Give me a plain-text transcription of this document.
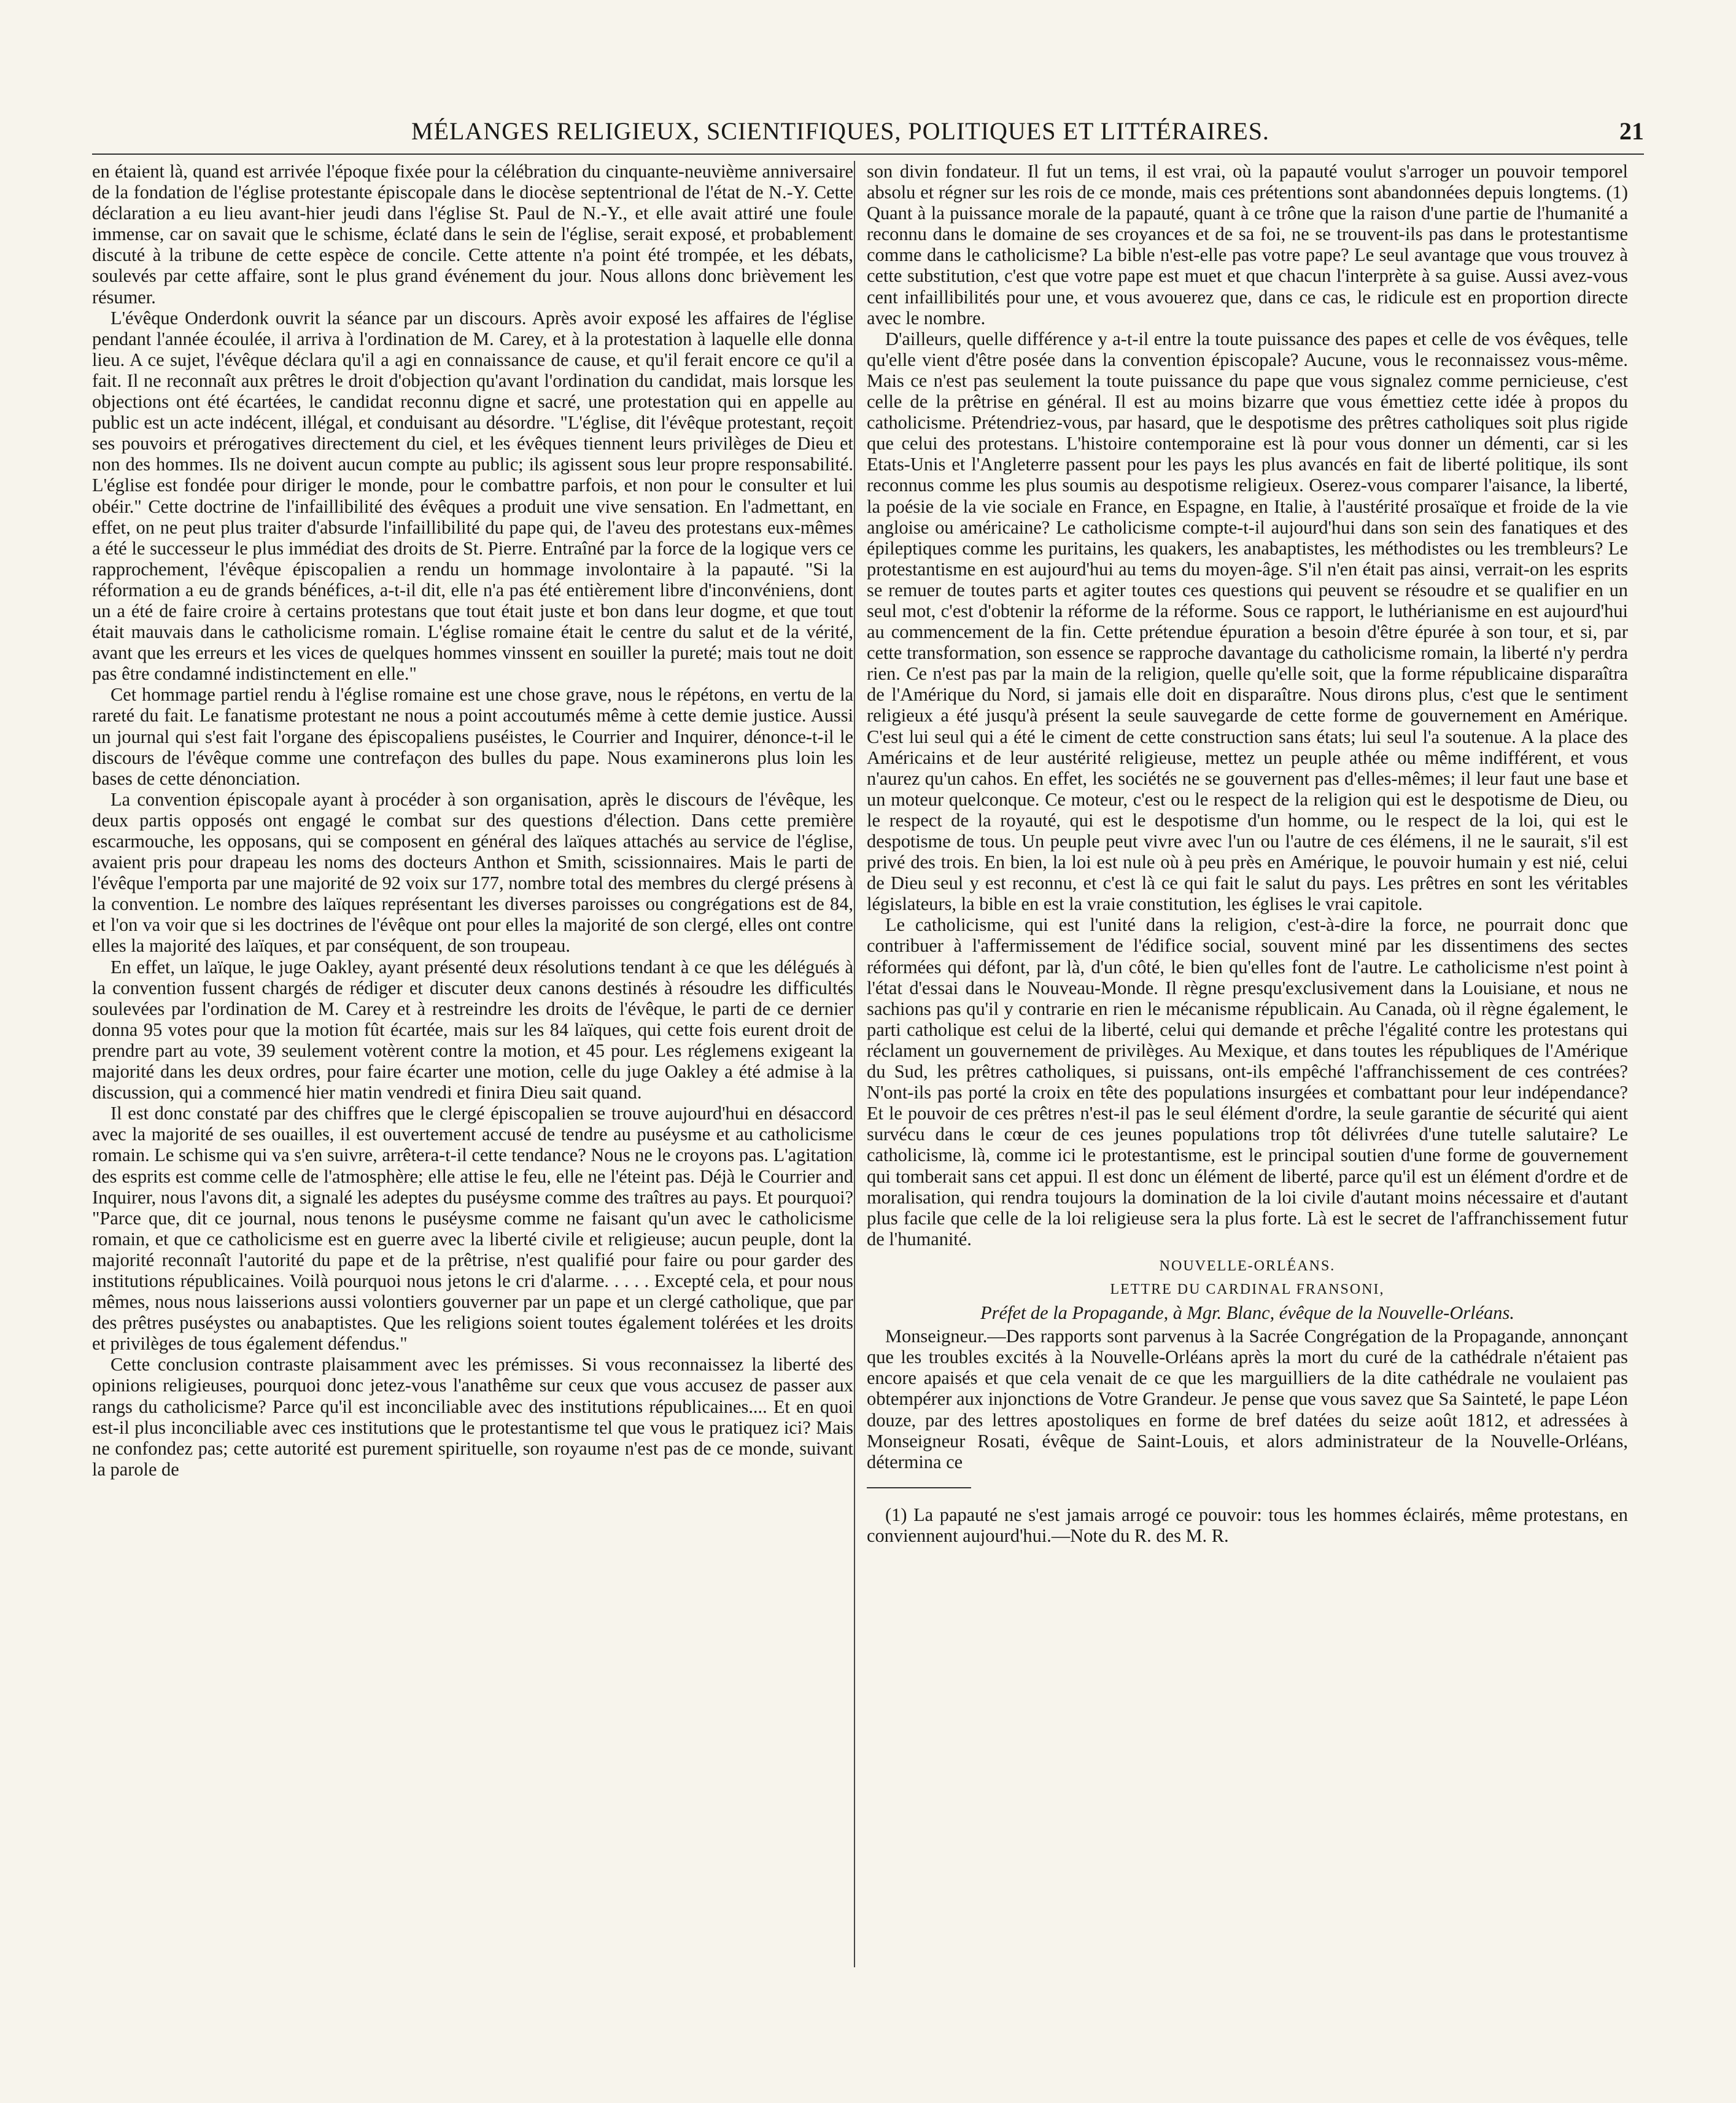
MÉLANGES RELIGIEUX, SCIENTIFIQUES, POLITIQUES ET LITTÉRAIRES.	21

en étaient là, quand est arrivée l'époque fixée pour la célébration du cinquante-neuvième anniversaire de la fondation de l'église protestante épiscopale dans le diocèse septentrional de l'état de N.-Y. Cette déclaration a eu lieu avant-hier jeudi dans l'église St. Paul de N.-Y., et elle avait attiré une foule immense, car on savait que le schisme, éclaté dans le sein de l'église, serait exposé, et probablement discuté à la tribune de cette espèce de concile. Cette attente n'a point été trompée, et les débats, soulevés par cette affaire, sont le plus grand événement du jour. Nous allons donc brièvement les résumer.

L'évêque Onderdonk ouvrit la séance par un discours. Après avoir exposé les affaires de l'église pendant l'année écoulée, il arriva à l'ordination de M. Carey, et à la protestation à laquelle elle donna lieu. A ce sujet, l'évêque déclara qu'il a agi en connaissance de cause, et qu'il ferait encore ce qu'il a fait. Il ne reconnaît aux prêtres le droit d'objection qu'avant l'ordination du candidat, mais lorsque les objections ont été écartées, le candidat reconnu digne et sacré, une protestation qui en appelle au public est un acte indécent, illégal, et conduisant au désordre. "L'église, dit l'évêque protestant, reçoit ses pouvoirs et prérogatives directement du ciel, et les évêques tiennent leurs privilèges de Dieu et non des hommes. Ils ne doivent aucun compte au public; ils agissent sous leur propre responsabilité. L'église est fondée pour diriger le monde, pour le combattre parfois, et non pour le consulter et lui obéir." Cette doctrine de l'infaillibilité des évêques a produit une vive sensation. En l'admettant, en effet, on ne peut plus traiter d'absurde l'infaillibilité du pape qui, de l'aveu des protestans eux-mêmes a été le successeur le plus immédiat des droits de St. Pierre. Entraîné par la force de la logique vers ce rapprochement, l'évêque épiscopalien a rendu un hommage involontaire à la papauté. "Si la réformation a eu de grands bénéfices, a-t-il dit, elle n'a pas été entièrement libre d'inconvéniens, dont un a été de faire croire à certains protestans que tout était juste et bon dans leur dogme, et que tout était mauvais dans le catholicisme romain. L'église romaine était le centre du salut et de la vérité, avant que les erreurs et les vices de quelques hommes vinssent en souiller la pureté; mais tout ne doit pas être condamné indistinctement en elle."

Cet hommage partiel rendu à l'église romaine est une chose grave, nous le répétons, en vertu de la rareté du fait. Le fanatisme protestant ne nous a point accoutumés même à cette demie justice. Aussi un journal qui s'est fait l'organe des épiscopaliens puséistes, le Courrier and Inquirer, dénonce-t-il le discours de l'évêque comme une contrefaçon des bulles du pape. Nous examinerons plus loin les bases de cette dénonciation.

La convention épiscopale ayant à procéder à son organisation, après le discours de l'évêque, les deux partis opposés ont engagé le combat sur des questions d'élection. Dans cette première escarmouche, les opposans, qui se composent en général des laïques attachés au service de l'église, avaient pris pour drapeau les noms des docteurs Anthon et Smith, scissionnaires. Mais le parti de l'évêque l'emporta par une majorité de 92 voix sur 177, nombre total des membres du clergé présens à la convention. Le nombre des laïques représentant les diverses paroisses ou congrégations est de 84, et l'on va voir que si les doctrines de l'évêque ont pour elles la majorité de son clergé, elles ont contre elles la majorité des laïques, et par conséquent, de son troupeau.

En effet, un laïque, le juge Oakley, ayant présenté deux résolutions tendant à ce que les délégués à la convention fussent chargés de rédiger et discuter deux canons destinés à résoudre les difficultés soulevées par l'ordination de M. Carey et à restreindre les droits de l'évêque, le parti de ce dernier donna 95 votes pour que la motion fût écartée, mais sur les 84 laïques, qui cette fois eurent droit de prendre part au vote, 39 seulement votèrent contre la motion, et 45 pour. Les réglemens exigeant la majorité dans les deux ordres, pour faire écarter une motion, celle du juge Oakley a été admise à la discussion, qui a commencé hier matin vendredi et finira Dieu sait quand.

Il est donc constaté par des chiffres que le clergé épiscopalien se trouve aujourd'hui en désaccord avec la majorité de ses ouailles, il est ouvertement accusé de tendre au puséysme et au catholicisme romain. Le schisme qui va s'en suivre, arrêtera-t-il cette tendance? Nous ne le croyons pas. L'agitation des esprits est comme celle de l'atmosphère; elle attise le feu, elle ne l'éteint pas. Déjà le Courrier and Inquirer, nous l'avons dit, a signalé les adeptes du puséysme comme des traîtres au pays. Et pourquoi? "Parce que, dit ce journal, nous tenons le puséysme comme ne faisant qu'un avec le catholicisme romain, et que ce catholicisme est en guerre avec la liberté civile et religieuse; aucun peuple, dont la majorité reconnaît l'autorité du pape et de la prêtrise, n'est qualifié pour faire ou pour garder des institutions républicaines. Voilà pourquoi nous jetons le cri d'alarme. . . . . Excepté cela, et pour nous mêmes, nous nous laisserions aussi volontiers gouverner par un pape et un clergé catholique, que par des prêtres puséystes ou anabaptistes. Que les religions soient toutes également tolérées et les droits et privilèges de tous également défendus."

Cette conclusion contraste plaisamment avec les prémisses. Si vous reconnaissez la liberté des opinions religieuses, pourquoi donc jetez-vous l'anathême sur ceux que vous accusez de passer aux rangs du catholicisme? Parce qu'il est inconciliable avec des institutions républicaines.... Et en quoi est-il plus inconciliable avec ces institutions que le protestantisme tel que vous le pratiquez ici? Mais ne confondez pas; cette autorité est purement spirituelle, son royaume n'est pas de ce monde, suivant la parole de

son divin fondateur. Il fut un tems, il est vrai, où la papauté voulut s'arroger un pouvoir temporel absolu et régner sur les rois de ce monde, mais ces prétentions sont abandonnées depuis longtems. (1) Quant à la puissance morale de la papauté, quant à ce trône que la raison d'une partie de l'humanité a reconnu dans le domaine de ses croyances et de sa foi, ne se trouvent-ils pas dans le protestantisme comme dans le catholicisme? La bible n'est-elle pas votre pape? Le seul avantage que vous trouvez à cette substitution, c'est que votre pape est muet et que chacun l'interprète à sa guise. Aussi avez-vous cent infaillibilités pour une, et vous avouerez que, dans ce cas, le ridicule est en proportion directe avec le nombre.

D'ailleurs, quelle différence y a-t-il entre la toute puissance des papes et celle de vos évêques, telle qu'elle vient d'être posée dans la convention épiscopale? Aucune, vous le reconnaissez vous-même. Mais ce n'est pas seulement la toute puissance du pape que vous signalez comme pernicieuse, c'est celle de la prêtrise en général. Il est au moins bizarre que vous émettiez cette idée à propos du catholicisme. Prétendriez-vous, par hasard, que le despotisme des prêtres catholiques soit plus rigide que celui des protestans. L'histoire contemporaine est là pour vous donner un démenti, car si les Etats-Unis et l'Angleterre passent pour les pays les plus avancés en fait de liberté politique, ils sont reconnus comme les plus soumis au despotisme religieux. Oserez-vous comparer l'aisance, la liberté, la poésie de la vie sociale en France, en Espagne, en Italie, à l'austérité prosaïque et froide de la vie angloise ou américaine? Le catholicisme compte-t-il aujourd'hui dans son sein des fanatiques et des épileptiques comme les puritains, les quakers, les anabaptistes, les méthodistes ou les trembleurs? Le protestantisme en est aujourd'hui au tems du moyen-âge. S'il n'en était pas ainsi, verrait-on les esprits se remuer de toutes parts et agiter toutes ces questions qui peuvent se résoudre et se qualifier en un seul mot, c'est d'obtenir la réforme de la réforme. Sous ce rapport, le luthérianisme en est aujourd'hui au commencement de la fin. Cette prétendue épuration a besoin d'être épurée à son tour, et si, par cette transformation, son essence se rapproche davantage du catholicisme romain, la liberté n'y perdra rien. Ce n'est pas par la main de la religion, quelle qu'elle soit, que la forme républicaine disparaîtra de l'Amérique du Nord, si jamais elle doit en disparaître. Nous dirons plus, c'est que le sentiment religieux a été jusqu'à présent la seule sauvegarde de cette forme de gouvernement en Amérique. C'est lui seul qui a été le ciment de cette construction sans états; lui seul l'a soutenue. A la place des Américains et de leur austérité religieuse, mettez un peuple athée ou même indifférent, et vous n'aurez qu'un cahos. En effet, les sociétés ne se gouvernent pas d'elles-mêmes; il leur faut une base et un moteur quelconque. Ce moteur, c'est ou le respect de la religion qui est le despotisme de Dieu, ou le respect de la royauté, qui est le despotisme d'un homme, ou le respect de la loi, qui est le despotisme de tous. Un peuple peut vivre avec l'un ou l'autre de ces élémens, il ne le saurait, s'il est privé des trois. En bien, la loi est nule où à peu près en Amérique, le pouvoir humain y est nié, celui de Dieu seul y est reconnu, et c'est là ce qui fait le salut du pays. Les prêtres en sont les véritables législateurs, la bible en est la vraie constitution, les églises le vrai capitole.

Le catholicisme, qui est l'unité dans la religion, c'est-à-dire la force, ne pourrait donc que contribuer à l'affermissement de l'édifice social, souvent miné par les dissentimens des sectes réformées qui défont, par là, d'un côté, le bien qu'elles font de l'autre. Le catholicisme n'est point à l'état d'essai dans le Nouveau-Monde. Il règne presqu'exclusivement dans la Louisiane, et nous ne sachions pas qu'il y contrarie en rien le mécanisme républicain. Au Canada, où il règne également, le parti catholique est celui de la liberté, celui qui demande et prêche l'égalité contre les protestans qui réclament un gouvernement de privilèges. Au Mexique, et dans toutes les républiques de l'Amérique du Sud, les prêtres catholiques, si puissans, ont-ils empêché l'affranchissement de ces contrées? N'ont-ils pas porté la croix en tête des populations insurgées et combattant pour leur indépendance? Et le pouvoir de ces prêtres n'est-il pas le seul élément d'ordre, la seule garantie de sécurité qui aient survécu dans le cœur de ces jeunes populations trop tôt délivrées d'une tutelle salutaire? Le catholicisme, là, comme ici le protestantisme, est le principal soutien d'une forme de gouvernement qui tomberait sans cet appui. Il est donc un élément de liberté, parce qu'il est un élément d'ordre et de moralisation, qui rendra toujours la domination de la loi civile d'autant moins nécessaire et d'autant plus facile que celle de la loi religieuse sera la plus forte. Là est le secret de l'affranchissement futur de l'humanité.

NOUVELLE-ORLÉANS.
LETTRE DU CARDINAL FRANSONI,
Préfet de la Propagande, à Mgr. Blanc, évêque de la Nouvelle-Orléans.

Monseigneur.—Des rapports sont parvenus à la Sacrée Congrégation de la Propagande, annonçant que les troubles excités à la Nouvelle-Orléans après la mort du curé de la cathédrale n'étaient pas encore apaisés et que cela venait de ce que les marguilliers de la dite cathédrale ne voulaient pas obtempérer aux injonctions de Votre Grandeur. Je pense que vous savez que Sa Sainteté, le pape Léon douze, par des lettres apostoliques en forme de bref datées du seize août 1812, et adressées à Monseigneur Rosati, évêque de Saint-Louis, et alors administrateur de la Nouvelle-Orléans, détermina ce

(1) La papauté ne s'est jamais arrogé ce pouvoir: tous les hommes éclairés, même protestans, en conviennent aujourd'hui.—Note du R. des M. R.
